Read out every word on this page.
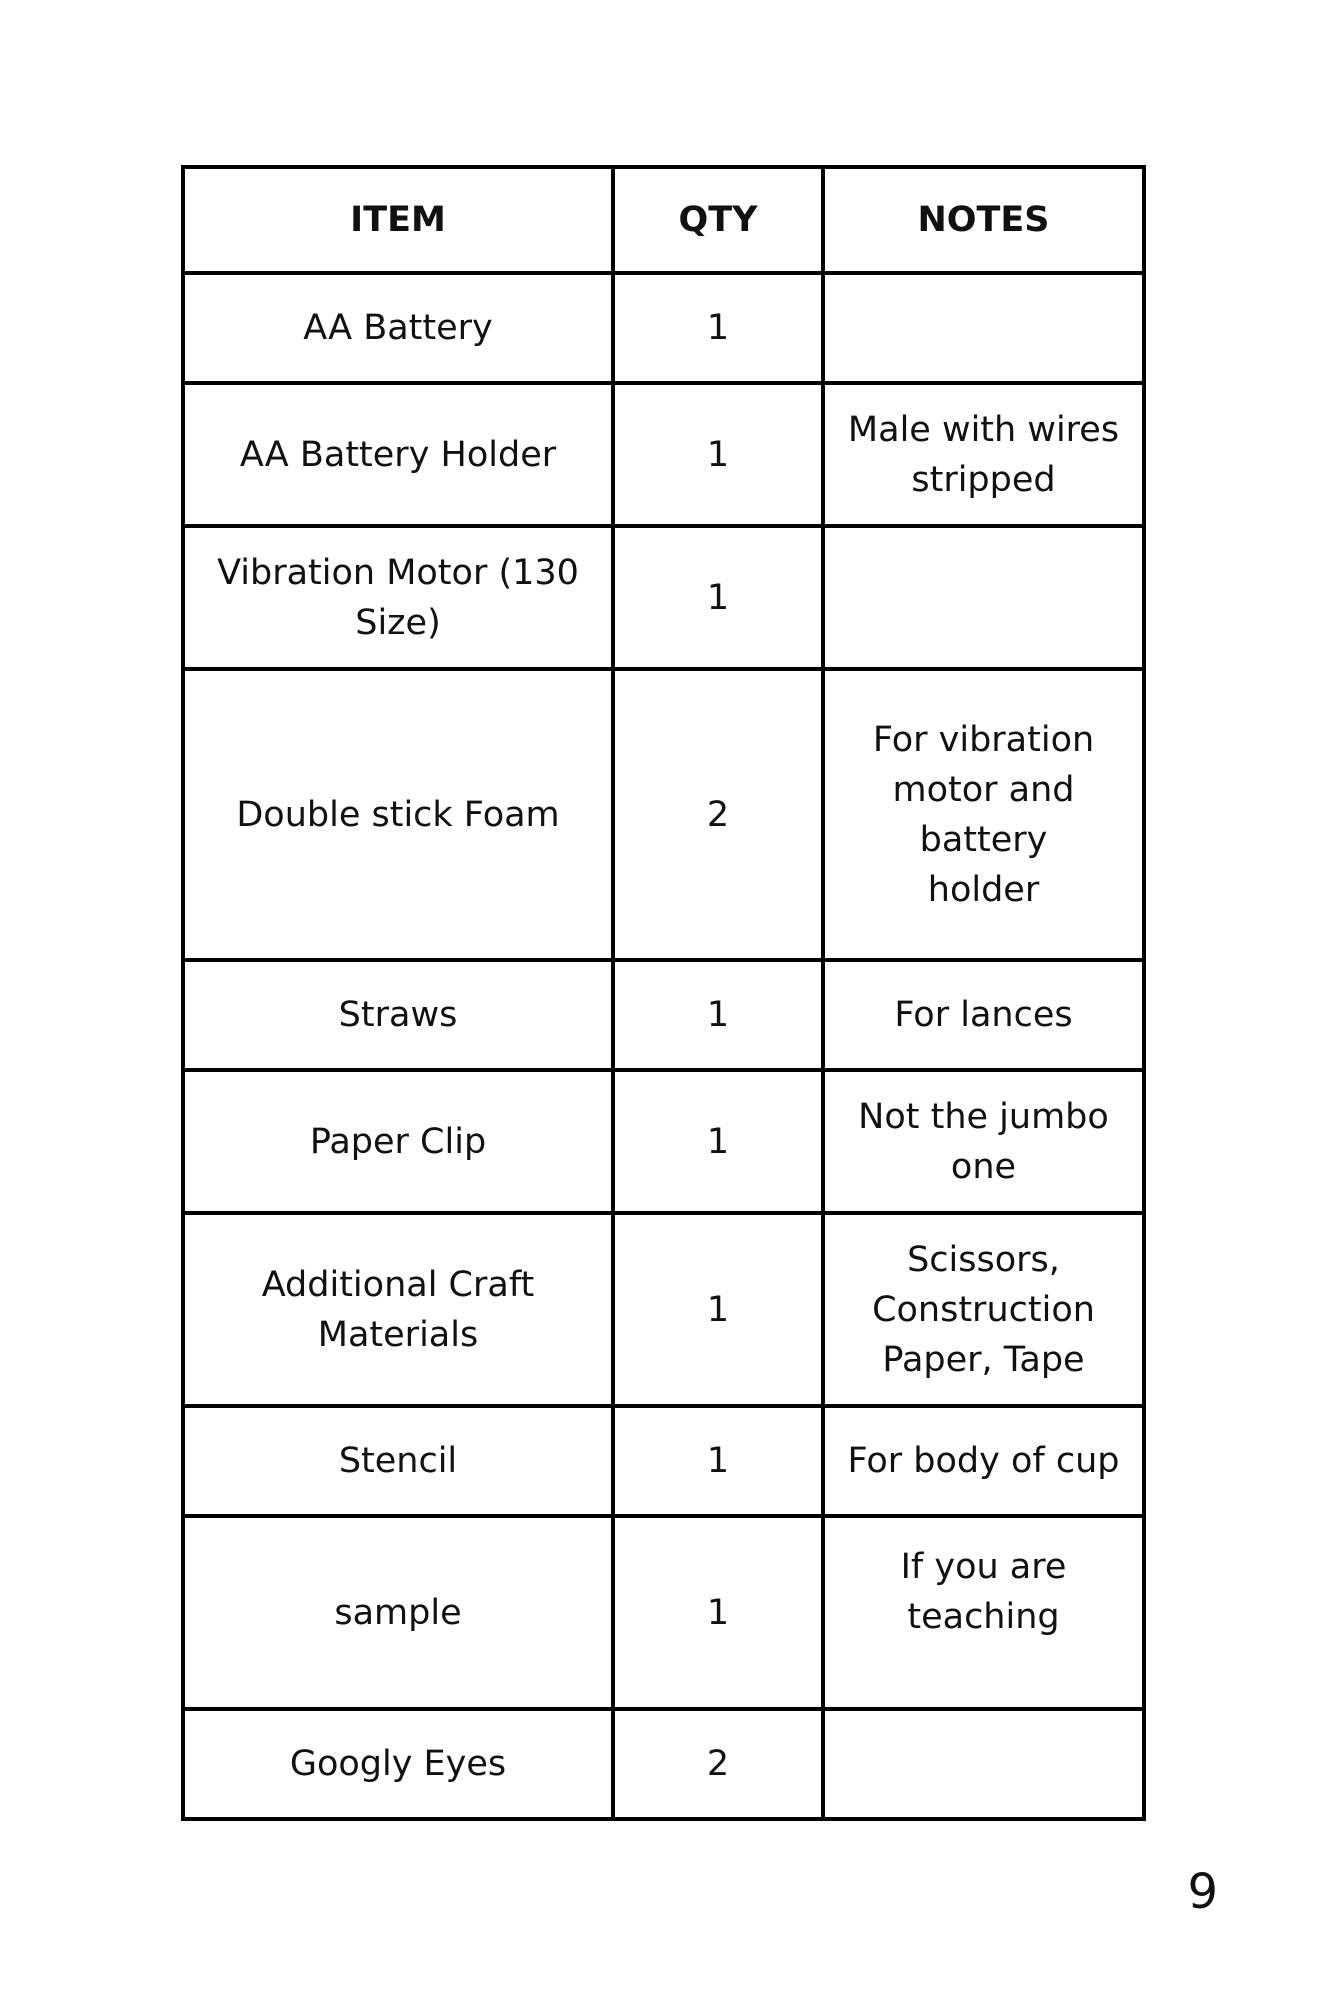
ITEM	QTY	NOTES
AA Battery	1	
AA Battery Holder	1	Male with wires
stripped

Vibration Motor (130 Size)	1	
Double stick Foam	2	For vibration
motor and
battery
holder

Straws	1	For lances

Paper Clip	1	Not the jumbo
one

Additional Craft Materials	1	Scissors,
Construction
Paper, Tape

Stencil	1	For body of cup

sample	1	If you are
teaching

Googly Eyes	2	
9
